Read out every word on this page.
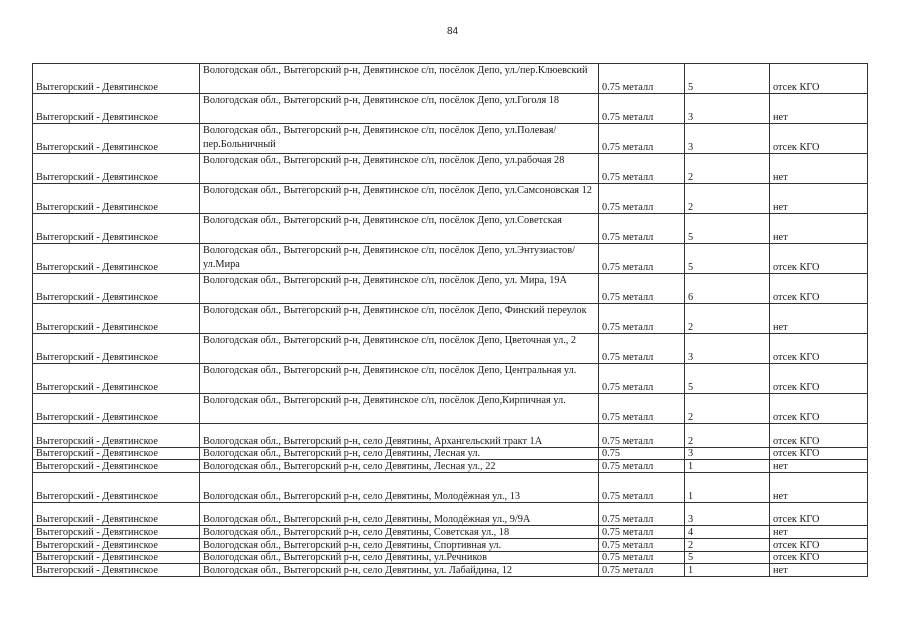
84
Вытегорский - Девятинское	Вологодская обл., Вытегорский р-н, Девятинское с/п, посёлок Депо, ул./пер.Клюевский	0.75 металл	5	отсек КГО
Вытегорский - Девятинское	Вологодская обл., Вытегорский р-н, Девятинское с/п, посёлок Депо, ул.Гоголя 18	0.75 металл	3	нет
Вытегорский - Девятинское	Вологодская обл., Вытегорский р-н, Девятинское с/п, посёлок Депо, ул.Полевая/пер.Больничный	0.75 металл	3	отсек КГО
Вытегорский - Девятинское	Вологодская обл., Вытегорский р-н, Девятинское с/п, посёлок Депо, ул.рабочая 28	0.75 металл	2	нет
Вытегорский - Девятинское	Вологодская обл., Вытегорский р-н, Девятинское с/п, посёлок Депо, ул.Самсоновская 12	0.75 металл	2	нет
Вытегорский - Девятинское	Вологодская обл., Вытегорский р-н, Девятинское с/п, посёлок Депо, ул.Советская	0.75 металл	5	нет
Вытегорский - Девятинское	Вологодская обл., Вытегорский р-н, Девятинское с/п, посёлок Депо, ул.Энтузиастов/ул.Мира	0.75 металл	5	отсек КГО
Вытегорский - Девятинское	Вологодская обл., Вытегорский р-н, Девятинское с/п, посёлок Депо, ул. Мира, 19А	0.75 металл	6	отсек КГО
Вытегорский - Девятинское	Вологодская обл., Вытегорский р-н, Девятинское с/п, посёлок Депо, Финский переулок	0.75 металл	2	нет
Вытегорский - Девятинское	Вологодская обл., Вытегорский р-н, Девятинское с/п, посёлок Депо, Цветочная ул., 2	0.75 металл	3	отсек КГО
Вытегорский - Девятинское	Вологодская обл., Вытегорский р-н, Девятинское с/п, посёлок Депо, Центральная ул.	0.75 металл	5	отсек КГО
Вытегорский - Девятинское	Вологодская обл., Вытегорский р-н, Девятинское с/п, посёлок Депо,Кирпичная ул.	0.75 металл	2	отсек КГО
Вытегорский - Девятинское	Вологодская обл., Вытегорский р-н, село Девятины, Архангельский тракт 1А	0.75 металл	2	отсек КГО
Вытегорский - Девятинское	Вологодская обл., Вытегорский р-н, село Девятины, Лесная ул.	0.75	3	отсек КГО
Вытегорский - Девятинское	Вологодская обл., Вытегорский р-н, село Девятины, Лесная ул., 22	0.75 металл	1	нет
Вытегорский - Девятинское	Вологодская обл., Вытегорский р-н, село Девятины, Молодёжная ул., 13	0.75 металл	1	нет
Вытегорский - Девятинское	Вологодская обл., Вытегорский р-н, село Девятины, Молодёжная ул., 9/9А	0.75 металл	3	отсек КГО
Вытегорский - Девятинское	Вологодская обл., Вытегорский р-н, село Девятины, Советская ул., 18	0.75 металл	4	нет
Вытегорский - Девятинское	Вологодская обл., Вытегорский р-н, село Девятины, Спортивная ул.	0.75 металл	2	отсек КГО
Вытегорский - Девятинское	Вологодская обл., Вытегорский р-н, село Девятины, ул.Речников	0.75 металл	5	отсек КГО
Вытегорский - Девятинское	Вологодская обл., Вытегорский р-н, село Девятины, ул. Лабайдина, 12	0.75 металл	1	нет
